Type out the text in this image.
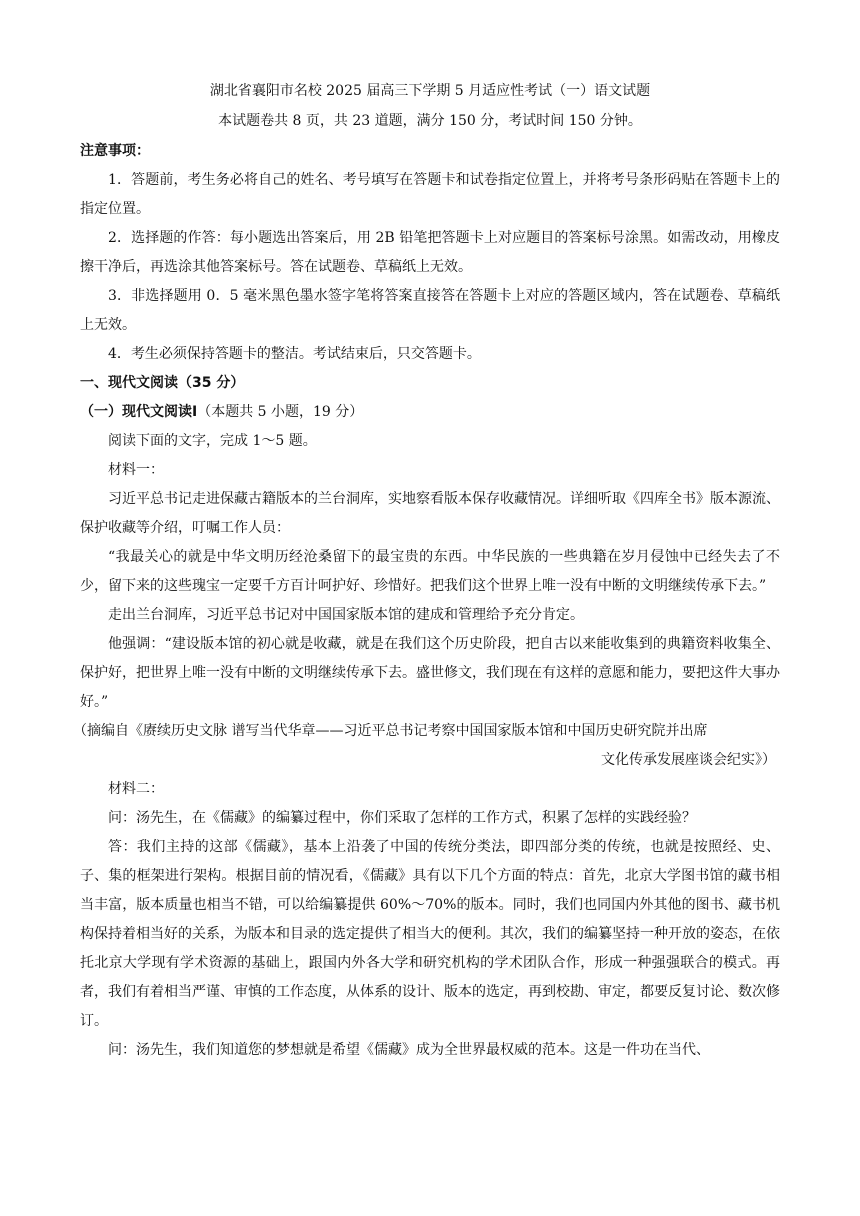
湖北省襄阳市名校 2025 届高三下学期 5 月适应性考试（一）语文试题
本试题卷共 8 页，共 23 道题，满分 150 分，考试时间 150 分钟。
注意事项：

1．答题前，考生务必将自己的姓名、考号填写在答题卡和试卷指定位置上，并将考号条形码贴在答题卡上的指定位置。

2．选择题的作答：每小题选出答案后，用 2B 铅笔把答题卡上对应题目的答案标号涂黑。如需改动，用橡皮擦干净后，再选涂其他答案标号。答在试题卷、草稿纸上无效。

3．非选择题用 0．5 毫米黑色墨水签字笔将答案直接答在答题卡上对应的答题区域内，答在试题卷、草稿纸上无效。

4．考生必须保持答题卡的整洁。考试结束后，只交答题卡。

一、现代文阅读（35 分）
（一）现代文阅读Ⅰ（本题共 5 小题，19 分）

阅读下面的文字，完成 1～5 题。

材料一：

习近平总书记走进保藏古籍版本的兰台洞库，实地察看版本保存收藏情况。详细听取《四库全书》版本源流、保护收藏等介绍，叮嘱工作人员：

“我最关心的就是中华文明历经沧桑留下的最宝贵的东西。中华民族的一些典籍在岁月侵蚀中已经失去了不少，留下来的这些瑰宝一定要千方百计呵护好、珍惜好。把我们这个世界上唯一没有中断的文明继续传承下去。”

走出兰台洞库，习近平总书记对中国国家版本馆的建成和管理给予充分肯定。

他强调：“建设版本馆的初心就是收藏，就是在我们这个历史阶段，把自古以来能收集到的典籍资料收集全、保护好，把世界上唯一没有中断的文明继续传承下去。盛世修文，我们现在有这样的意愿和能力，要把这件大事办好。”

（摘编自《赓续历史文脉 谱写当代华章——习近平总书记考察中国国家版本馆和中国历史研究院并出席
文化传承发展座谈会纪实》）

材料二：

问：汤先生，在《儒藏》的编纂过程中，你们采取了怎样的工作方式，积累了怎样的实践经验？

答：我们主持的这部《儒藏》，基本上沿袭了中国的传统分类法，即四部分类的传统，也就是按照经、史、子、集的框架进行架构。根据目前的情况看，《儒藏》具有以下几个方面的特点：首先，北京大学图书馆的藏书相当丰富，版本质量也相当不错，可以给编纂提供 60%～70%的版本。同时，我们也同国内外其他的图书、藏书机构保持着相当好的关系，为版本和目录的选定提供了相当大的便利。其次，我们的编纂坚持一种开放的姿态，在依托北京大学现有学术资源的基础上，跟国内外各大学和研究机构的学术团队合作，形成一种强强联合的模式。再者，我们有着相当严谨、审慎的工作态度，从体系的设计、版本的选定，再到校勘、审定，都要反复讨论、数次修订。

问：汤先生，我们知道您的梦想就是希望《儒藏》成为全世界最权威的范本。这是一件功在当代、
